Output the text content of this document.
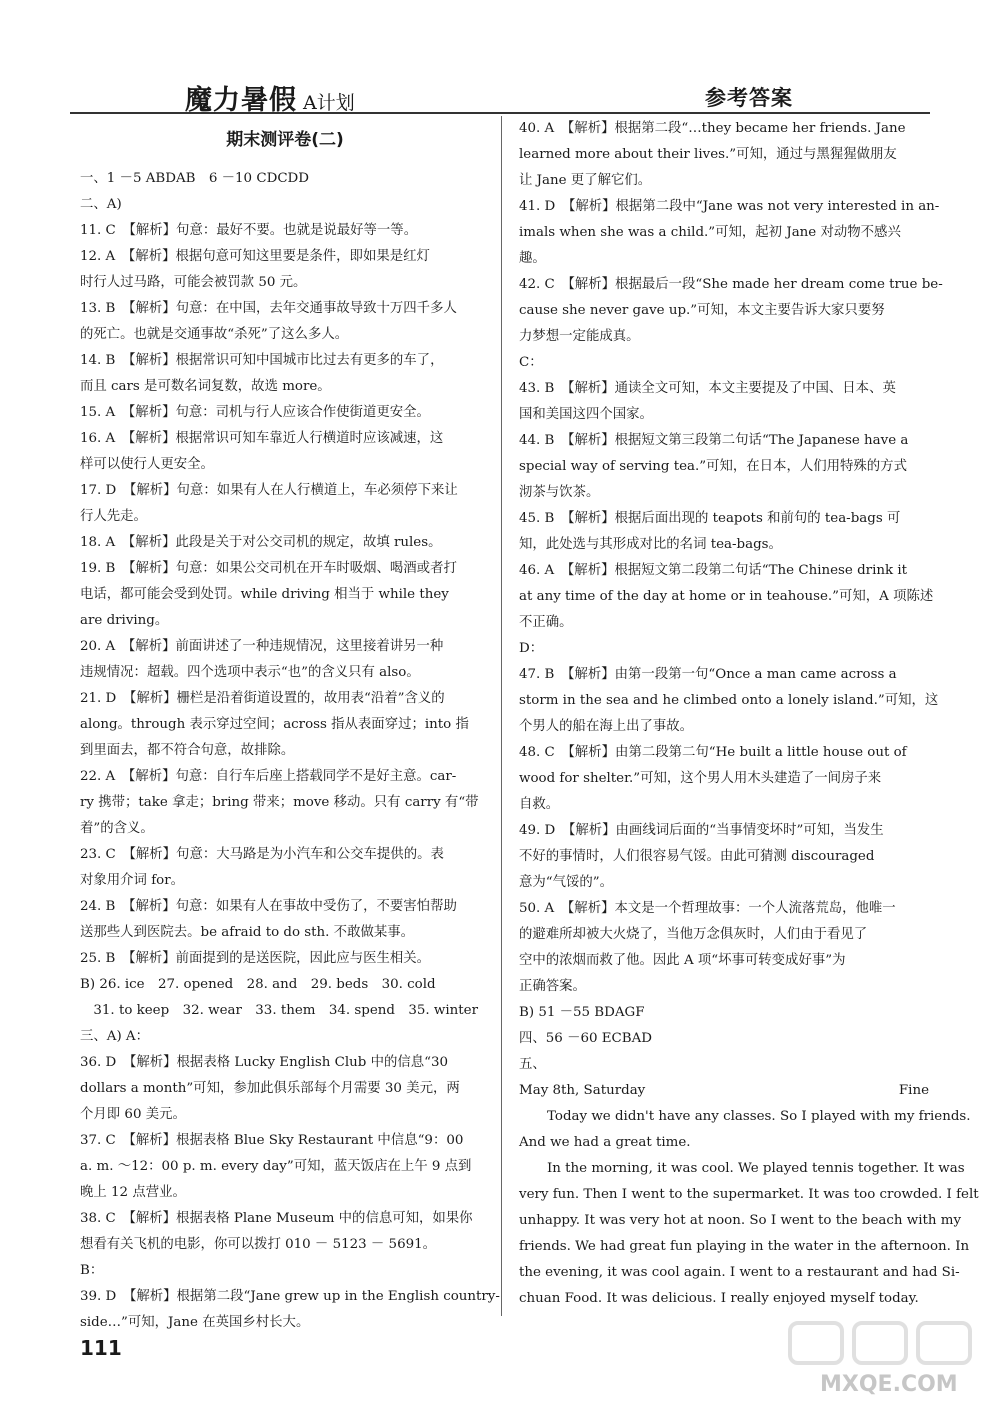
魔力暑假 A计划	参考答案
期末测评卷(二)
一、1 －5 ABDAB　6 －10 CDCDD
二、A)
11. C　【解析】句意：最好不要。也就是说最好等一等。
12. A　【解析】根据句意可知这里要是条件，即如果是红灯
时行人过马路，可能会被罚款 50 元。
13. B　【解析】句意：在中国，去年交通事故导致十万四千多人
的死亡。也就是交通事故“杀死”了这么多人。
14. B　【解析】根据常识可知中国城市比过去有更多的车了，
而且 cars 是可数名词复数，故选 more。
15. A　【解析】句意：司机与行人应该合作使街道更安全。
16. A　【解析】根据常识可知车靠近人行横道时应该减速，这
样可以使行人更安全。
17. D　【解析】句意：如果有人在人行横道上，车必须停下来让
行人先走。
18. A　【解析】此段是关于对公交司机的规定，故填 rules。
19. B　【解析】句意：如果公交司机在开车时吸烟、喝酒或者打
电话，都可能会受到处罚。while driving 相当于 while they
are driving。
20. A　【解析】前面讲述了一种违规情况，这里接着讲另一种
违规情况：超载。四个选项中表示“也”的含义只有 also。
21. D　【解析】栅栏是沿着街道设置的，故用表“沿着”含义的
along。through 表示穿过空间；across 指从表面穿过；into 指
到里面去，都不符合句意，故排除。
22. A　【解析】句意：自行车后座上搭载同学不是好主意。car-
ry 携带；take 拿走；bring 带来；move 移动。只有 carry 有“带
着”的含义。
23. C　【解析】句意：大马路是为小汽车和公交车提供的。表
对象用介词 for。
24. B　【解析】句意：如果有人在事故中受伤了，不要害怕帮助
送那些人到医院去。be afraid to do sth. 不敢做某事。
25. B　【解析】前面提到的是送医院，因此应与医生相关。
B) 26. ice　27. opened　28. and　29. beds　30. cold
　31. to keep　32. wear　33. them　34. spend　35. winter
三、A) A：
36. D　【解析】根据表格 Lucky English Club 中的信息“30
dollars a month”可知，参加此俱乐部每个月需要 30 美元，两
个月即 60 美元。
37. C　【解析】根据表格 Blue Sky Restaurant 中信息“9：00
a. m. ～12：00 p. m. every day”可知，蓝天饭店在上午 9 点到
晚上 12 点营业。
38. C　【解析】根据表格 Plane Museum 中的信息可知，如果你
想看有关飞机的电影，你可以拨打 010 － 5123 － 5691。
B：
39. D　【解析】根据第二段“Jane grew up in the English country-
side…”可知，Jane 在英国乡村长大。
40. A　【解析】根据第二段“…they became her friends. Jane
learned more about their lives.”可知，通过与黑猩猩做朋友
让 Jane 更了解它们。
41. D　【解析】根据第二段中“Jane was not very interested in an-
imals when she was a child.”可知，起初 Jane 对动物不感兴
趣。
42. C　【解析】根据最后一段“She made her dream come true be-
cause she never gave up.”可知，本文主要告诉大家只要努
力梦想一定能成真。
C：
43. B　【解析】通读全文可知，本文主要提及了中国、日本、英
国和美国这四个国家。
44. B　【解析】根据短文第三段第二句话“The Japanese have a
special way of serving tea.”可知，在日本，人们用特殊的方式
沏茶与饮茶。
45. B　【解析】根据后面出现的 teapots 和前句的 tea-bags 可
知，此处选与其形成对比的名词 tea-bags。
46. A　【解析】根据短文第二段第二句话“The Chinese drink it
at any time of the day at home or in teahouse.”可知，A 项陈述
不正确。
D：
47. B　【解析】由第一段第一句“Once a man came across a
storm in the sea and he climbed onto a lonely island.”可知，这
个男人的船在海上出了事故。
48. C　【解析】由第二段第二句“He built a little house out of
wood for shelter.”可知，这个男人用木头建造了一间房子来
自救。
49. D　【解析】由画线词后面的“当事情变坏时”可知，当发生
不好的事情时，人们很容易气馁。由此可猜测 discouraged
意为“气馁的”。
50. A　【解析】本文是一个哲理故事：一个人流落荒岛，他唯一
的避难所却被大火烧了，当他万念俱灰时，人们由于看见了
空中的浓烟而救了他。因此 A 项“坏事可转变成好事”为
正确答案。
B) 51 －55 BDAGF
四、56 －60 ECBAD
五、
May 8th, Saturday	Fine
Today we didn't have any classes. So I played with my friends.
And we had a great time.
In the morning, it was cool. We played tennis together. It was
very fun. Then I went to the supermarket. It was too crowded. I felt
unhappy. It was very hot at noon. So I went to the beach with my
friends. We had great fun playing in the water in the afternoon. In
the evening, it was cool again. I went to a restaurant and had Si-
chuan Food. It was delicious. I really enjoyed myself today.
111
MXQE.COM
